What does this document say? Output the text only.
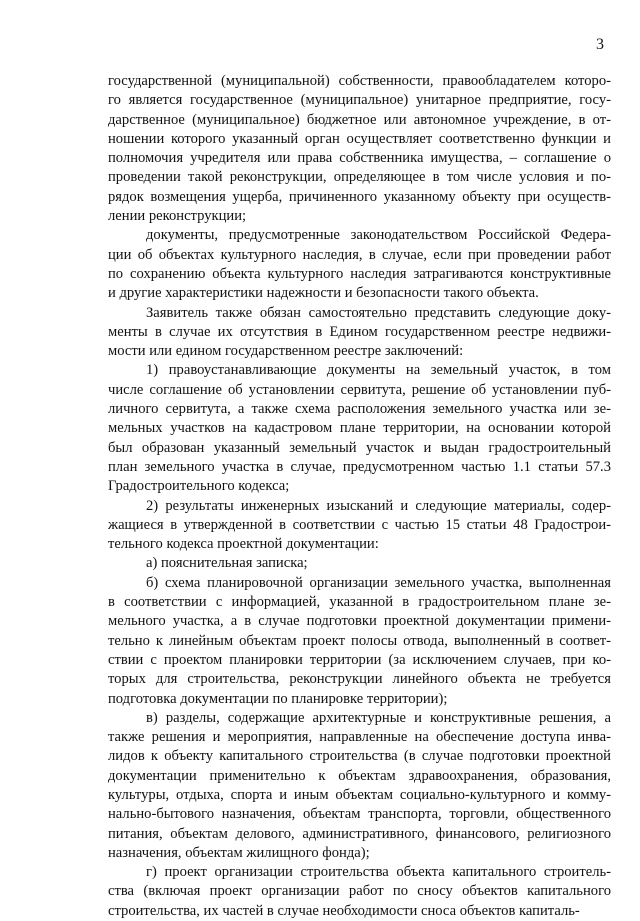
3

государственной (муниципальной) собственности, правообладателем которо-
го является государственное (муниципальное) унитарное предприятие, госу-
дарственное (муниципальное) бюджетное или автономное учреждение, в от-
ношении которого указанный орган осуществляет соответственно функции и
полномочия учредителя или права собственника имущества, – соглашение о
проведении такой реконструкции, определяющее в том числе условия и по-
рядок возмещения ущерба, причиненного указанному объекту при осуществ-
лении реконструкции;

документы, предусмотренные законодательством Российской Федера-
ции об объектах культурного наследия, в случае, если при проведении работ
по сохранению объекта культурного наследия затрагиваются конструктивные
и другие характеристики надежности и безопасности такого объекта.

Заявитель также обязан самостоятельно представить следующие доку-
менты в случае их отсутствия в Едином государственном реестре недвижи-
мости или едином государственном реестре заключений:

1) правоустанавливающие документы на земельный участок, в том
числе соглашение об установлении сервитута, решение об установлении пуб-
личного сервитута, а также схема расположения земельного участка или зе-
мельных участков на кадастровом плане территории, на основании которой
был образован указанный земельный участок и выдан градостроительный
план земельного участка в случае, предусмотренном частью 1.1 статьи 57.3
Градостроительного кодекса;

2) результаты инженерных изысканий и следующие материалы, содер-
жащиеся в утвержденной в соответствии с частью 15 статьи 48 Градострои-
тельного кодекса проектной документации:

а) пояснительная записка;

б) схема планировочной организации земельного участка, выполненная
в соответствии с информацией, указанной в градостроительном плане зе-
мельного участка, а в случае подготовки проектной документации примени-
тельно к линейным объектам проект полосы отвода, выполненный в соответ-
ствии с проектом планировки территории (за исключением случаев, при ко-
торых для строительства, реконструкции линейного объекта не требуется
подготовка документации по планировке территории);

в) разделы, содержащие архитектурные и конструктивные решения, а
также решения и мероприятия, направленные на обеспечение доступа инва-
лидов к объекту капитального строительства (в случае подготовки проектной
документации применительно к объектам здравоохранения, образования,
культуры, отдыха, спорта и иным объектам социально-культурного и комму-
нально-бытового назначения, объектам транспорта, торговли, общественного
питания, объектам делового, административного, финансового, религиозного
назначения, объектам жилищного фонда);

г) проект организации строительства объекта капитального строитель-
ства (включая проект организации работ по сносу объектов капитального
строительства, их частей в случае необходимости сноса объектов капиталь-
